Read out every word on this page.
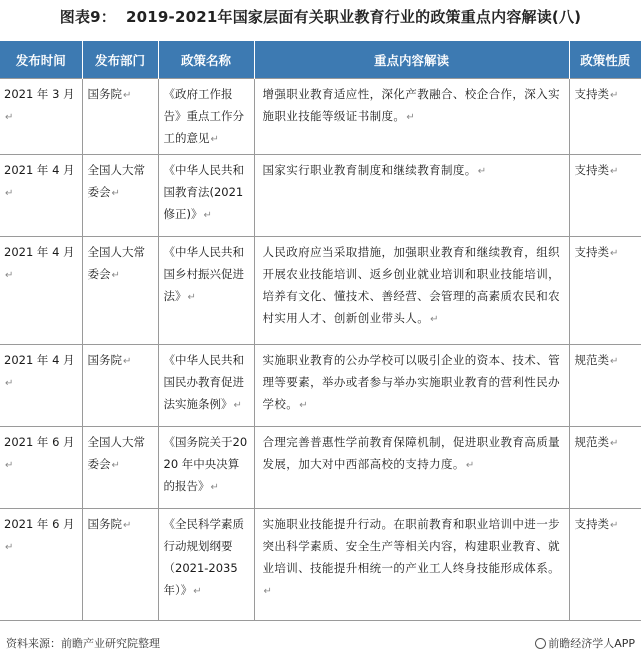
图表9： 2019-2021年国家层面有关职业教育行业的政策重点内容解读(八)
发布时间	发布部门	政策名称	重点内容解读	政策性质
2021 年 3 月↵	国务院↵	《政府工作报告》重点工作分工的意见↵	增强职业教育适应性，深化产教融合、校企合作，深入实施职业技能等级证书制度。↵	支持类↵
2021 年 4 月↵	全国人大常委会↵	《中华人民共和国教育法(2021修正)》↵	国家实行职业教育制度和继续教育制度。↵	支持类↵
2021 年 4 月↵	全国人大常委会↵	《中华人民共和国乡村振兴促进法》↵	人民政府应当采取措施，加强职业教育和继续教育，组织开展农业技能培训、返乡创业就业培训和职业技能培训，培养有文化、懂技术、善经营、会管理的高素质农民和农村实用人才、创新创业带头人。↵	支持类↵
2021 年 4 月↵	国务院↵	《中华人民共和国民办教育促进法实施条例》↵	实施职业教育的公办学校可以吸引企业的资本、技术、管理等要素，举办或者参与举办实施职业教育的营利性民办学校。↵	规范类↵
2021 年 6 月↵	全国人大常委会↵	《国务院关于2020 年中央决算的报告》↵	合理完善普惠性学前教育保障机制，促进职业教育高质量发展，加大对中西部高校的支持力度。↵	规范类↵
2021 年 6 月↵	国务院↵	《全民科学素质行动规划纲要（2021-2035年）》↵	实施职业技能提升行动。在职前教育和职业培训中进一步突出科学素质、安全生产等相关内容，构建职业教育、就业培训、技能提升相统一的产业工人终身技能形成体系。↵	支持类↵
资料来源：前瞻产业研究院整理	前瞻经济学人APP
